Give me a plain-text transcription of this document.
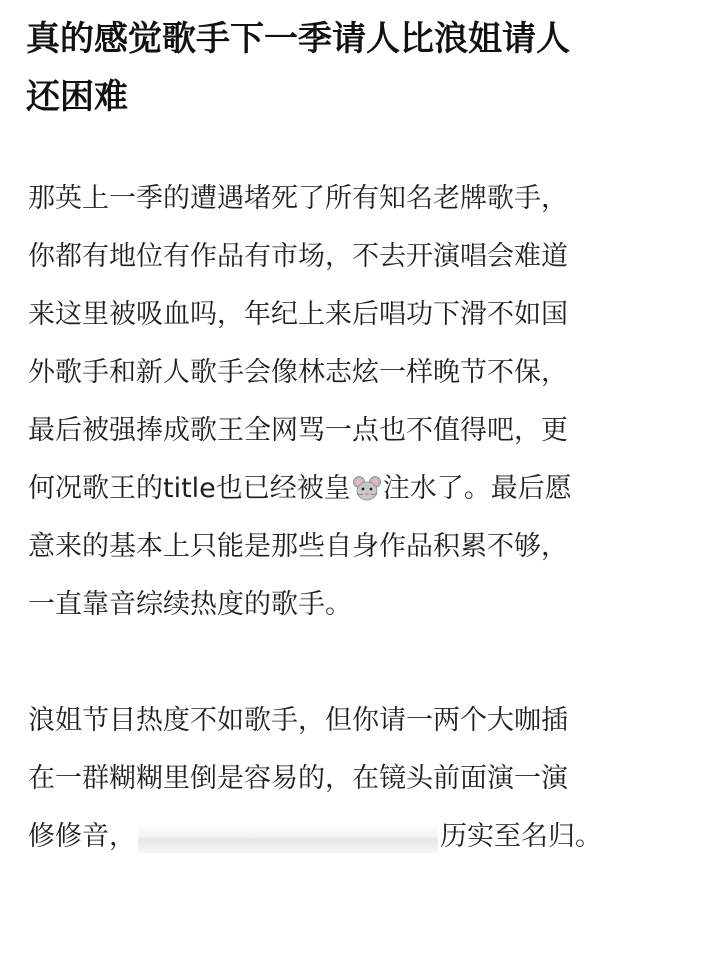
真的感觉歌手下一季请人比浪姐请人
还困难

那英上一季的遭遇堵死了所有知名老牌歌手，
你都有地位有作品有市场，不去开演唱会难道
来这里被吸血吗，年纪上来后唱功下滑不如国
外歌手和新人歌手会像林志炫一样晚节不保，
最后被强捧成歌王全网骂一点也不值得吧，更
何况歌王的title也已经被皇 注水了。最后愿
意来的基本上只能是那些自身作品积累不够，
一直靠音综续热度的歌手。

浪姐节目热度不如歌手，但你请一两个大咖插
在一群糊糊里倒是容易的，在镜头前面演一演
修修音，	历实至名归。
